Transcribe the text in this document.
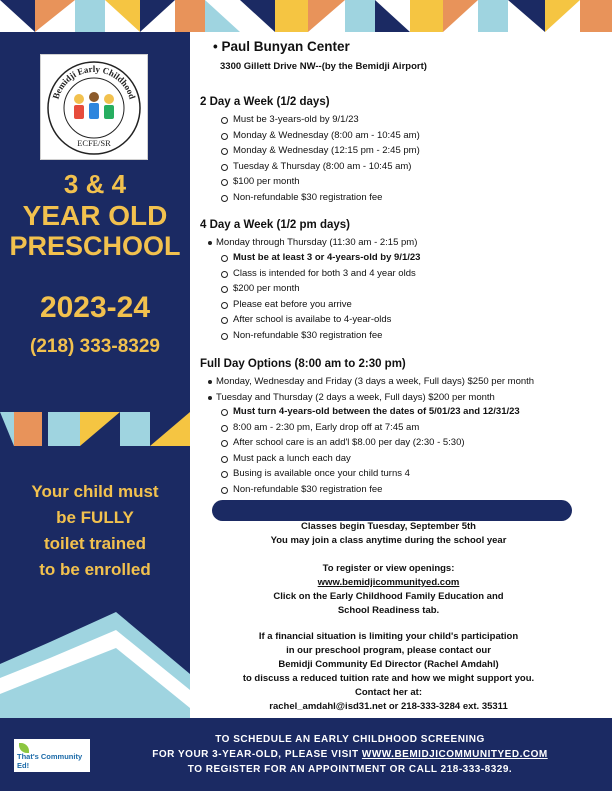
Bemidji Early Childhood
ECFE/SR
3 & 4
YEAR OLD
PRESCHOOL
2023-24
(218) 333-8329
Your child must
be FULLY
toilet trained
to be enrolled
• Paul Bunyan Center
3300 Gillett Drive NW--(by the Bemidji Airport)
2 Day a Week (1/2 days)
Must be 3-years-old by 9/1/23
Monday & Wednesday (8:00 am - 10:45 am)
Monday & Wednesday (12:15 pm - 2:45 pm)
Tuesday & Thursday (8:00 am - 10:45 am)
$100 per month
Non-refundable $30 registration fee
4 Day a Week (1/2 pm days)
Monday through Thursday (11:30 am - 2:15 pm)
Must be at least 3 or 4-years-old by 9/1/23
Class is intended for both 3 and 4 year olds
$200 per month
Please eat before you arrive
After school is availabe to 4-year-olds
Non-refundable $30 registration fee
Full Day Options (8:00 am to 2:30 pm)
Monday, Wednesday and Friday (3 days a week, Full days) $250 per month
Tuesday and Thursday (2 days a week, Full days) $200 per month
Must turn 4-years-old between the dates of 5/01/23 and 12/31/23
8:00 am - 2:30 pm, Early drop off at 7:45 am
After school care is an add'l $8.00 per day (2:30 - 5:30)
Must pack a lunch each day
Busing is available once your child turns 4
Non-refundable $30 registration fee
Classes begin Tuesday, September 5th
You may join a class anytime during the school year
To register or view openings:
www.bemidjicommunityed.com
Click on the Early Childhood Family Education and
School Readiness tab.
If a financial situation is limiting your child's participation
in our preschool program, please contact our
Bemidji Community Ed Director (Rachel Amdahl)
to discuss a reduced tuition rate and how we might support you.
Contact her at:
rachel_amdahl@isd31.net or 218-333-3284 ext. 35311
That's Community Ed!
TO SCHEDULE AN EARLY CHILDHOOD SCREENING
FOR YOUR 3-YEAR-OLD, PLEASE VISIT WWW.BEMIDJICOMMUNITYED.COM
TO REGISTER FOR AN APPOINTMENT OR CALL 218-333-8329.
